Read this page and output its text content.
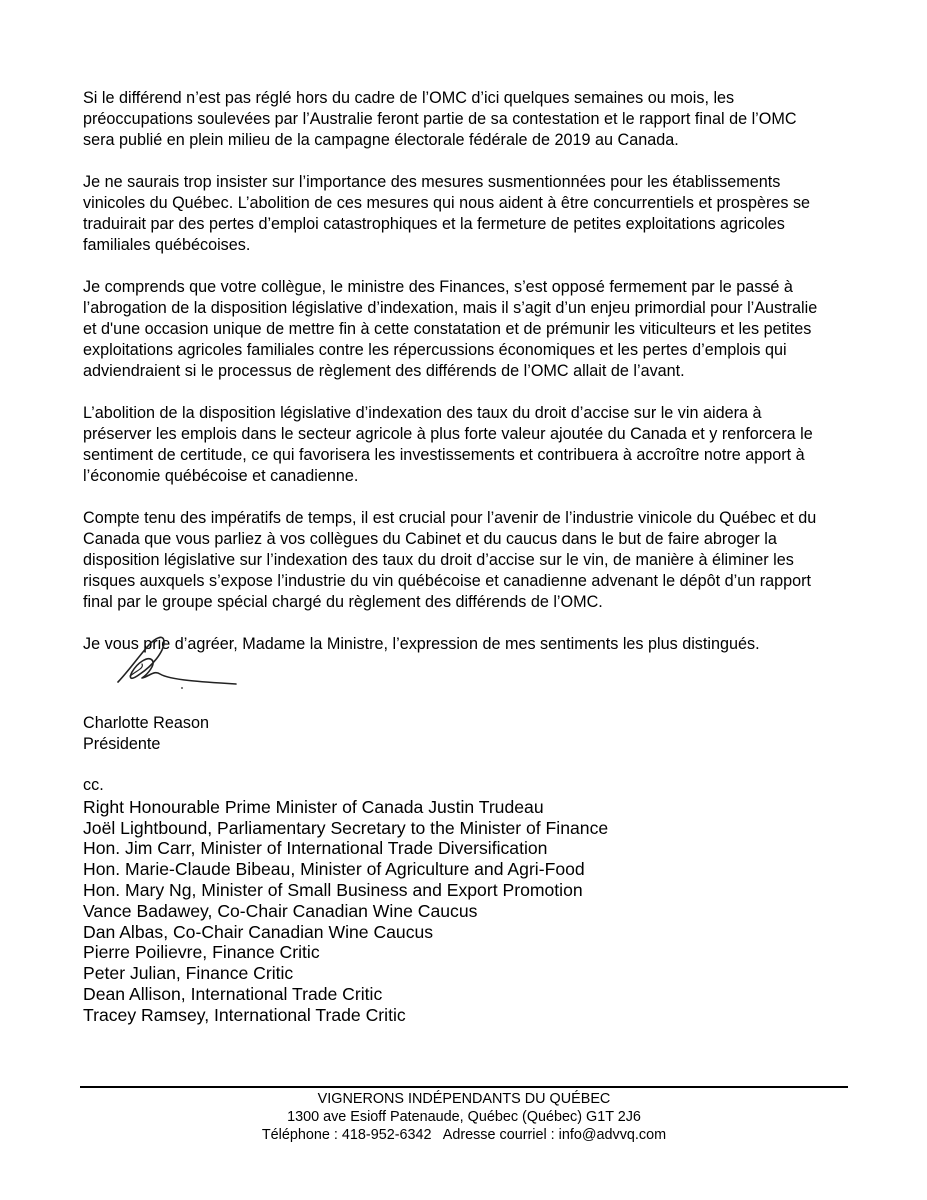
Si le différend n’est pas réglé hors du cadre de l’OMC d’ici quelques semaines ou mois, les
préoccupations soulevées par l’Australie feront partie de sa contestation et le rapport final de l’OMC
sera publié en plein milieu de la campagne électorale fédérale de 2019 au Canada.
Je ne saurais trop insister sur l’importance des mesures susmentionnées pour les établissements
vinicoles du Québec. L’abolition de ces mesures qui nous aident à être concurrentiels et prospères se
traduirait par des pertes d’emploi catastrophiques et la fermeture de petites exploitations agricoles
familiales québécoises.
Je comprends que votre collègue, le ministre des Finances, s’est opposé fermement par le passé à
l’abrogation de la disposition législative d’indexation, mais il s’agit d’un enjeu primordial pour l’Australie
et d'une occasion unique de mettre fin à cette constatation et de prémunir les viticulteurs et les petites
exploitations agricoles familiales contre les répercussions économiques et les pertes d’emplois qui
adviendraient si le processus de règlement des différends de l’OMC allait de l’avant.
L’abolition de la disposition législative d’indexation des taux du droit d’accise sur le vin aidera à
préserver les emplois dans le secteur agricole à plus forte valeur ajoutée du Canada et y renforcera le
sentiment de certitude, ce qui favorisera les investissements et contribuera à accroître notre apport à
l’économie québécoise et canadienne.
Compte tenu des impératifs de temps, il est crucial pour l’avenir de l’industrie vinicole du Québec et du
Canada que vous parliez à vos collègues du Cabinet et du caucus dans le but de faire abroger la
disposition législative sur l’indexation des taux du droit d’accise sur le vin, de manière à éliminer les
risques auxquels s’expose l’industrie du vin québécoise et canadienne advenant le dépôt d’un rapport
final par le groupe spécial chargé du règlement des différends de l’OMC.
Je vous prie d’agréer, Madame la Ministre, l’expression de mes sentiments les plus distingués.
Charlotte Reason
Présidente
cc.
Right Honourable Prime Minister of Canada Justin Trudeau
Joël Lightbound, Parliamentary Secretary to the Minister of Finance
Hon. Jim Carr, Minister of International Trade Diversification
Hon. Marie-Claude Bibeau, Minister of Agriculture and Agri-Food
Hon. Mary Ng, Minister of Small Business and Export Promotion
Vance Badawey, Co-Chair Canadian Wine Caucus
Dan Albas, Co-Chair Canadian Wine Caucus
Pierre Poilievre, Finance Critic
Peter Julian, Finance Critic
Dean Allison, International Trade Critic
Tracey Ramsey, International Trade Critic
VIGNERONS INDÉPENDANTS DU QUÉBEC
1300 ave Esioff Patenaude, Québec (Québec) G1T 2J6
Téléphone : 418-952-6342   Adresse courriel : info@advvq.com
